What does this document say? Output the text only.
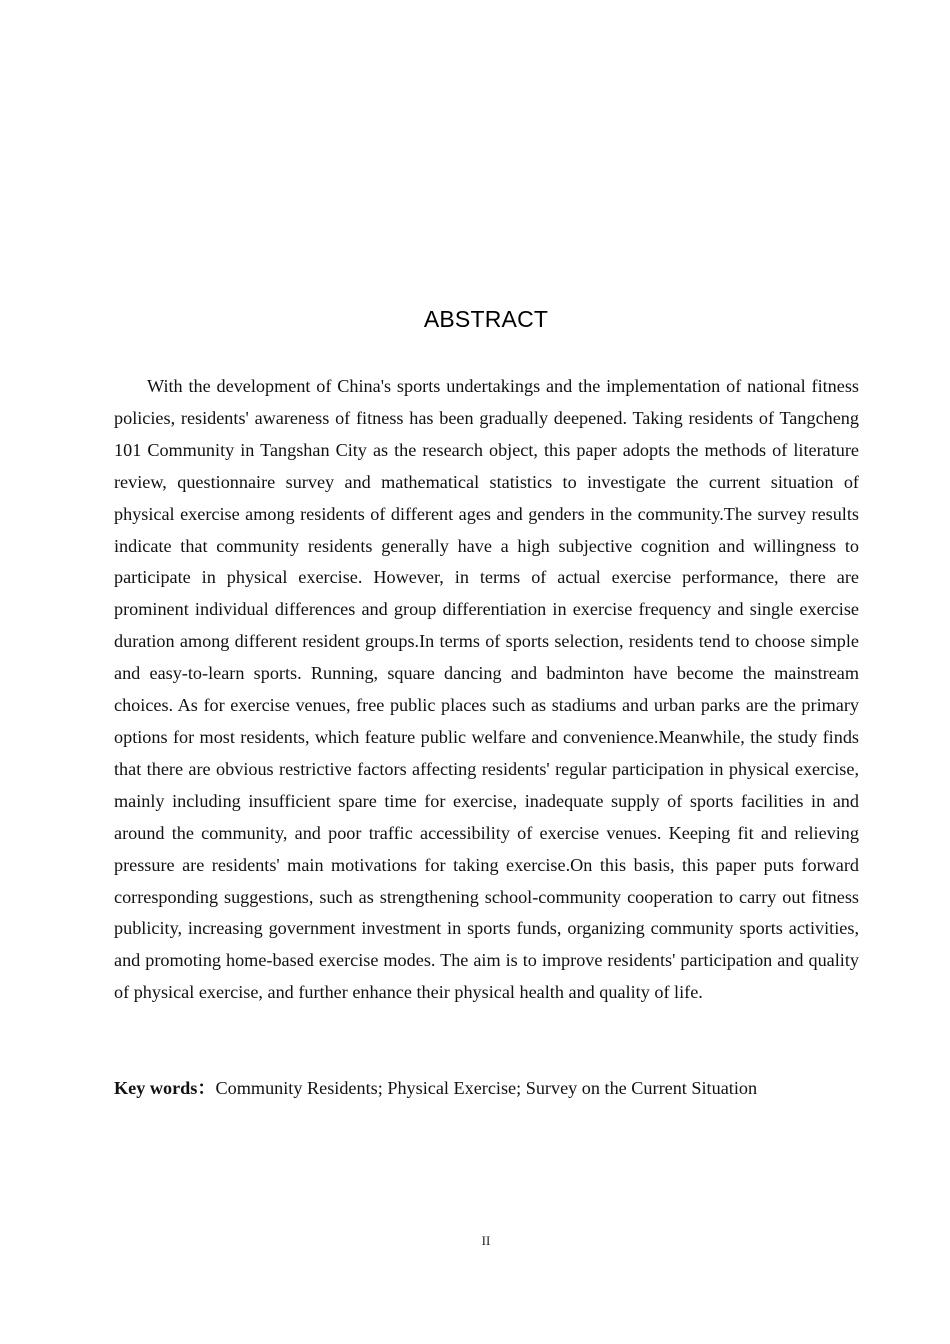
ABSTRACT

With the development of China's sports undertakings and the implementation of national fitness policies, residents' awareness of fitness has been gradually deepened. Taking residents of Tangcheng 101 Community in Tangshan City as the research object, this paper adopts the methods of literature review, questionnaire survey and mathematical statistics to investigate the current situation of physical exercise among residents of different ages and genders in the community.The survey results indicate that community residents generally have a high subjective cognition and willingness to participate in physical exercise. However, in terms of actual exercise performance, there are prominent individual differences and group differentiation in exercise frequency and single exercise duration among different resident groups.In terms of sports selection, residents tend to choose simple and easy-to-learn sports. Running, square dancing and badminton have become the mainstream choices. As for exercise venues, free public places such as stadiums and urban parks are the primary options for most residents, which feature public welfare and convenience.Meanwhile, the study finds that there are obvious restrictive factors affecting residents' regular participation in physical exercise, mainly including insufficient spare time for exercise, inadequate supply of sports facilities in and around the community, and poor traffic accessibility of exercise venues. Keeping fit and relieving pressure are residents' main motivations for taking exercise.On this basis, this paper puts forward corresponding suggestions, such as strengthening school-community cooperation to carry out fitness publicity, increasing government investment in sports funds, organizing community sports activities, and promoting home-based exercise modes. The aim is to improve residents' participation and quality of physical exercise, and further enhance their physical health and quality of life.

Key words：Community Residents; Physical Exercise; Survey on the Current Situation

II
